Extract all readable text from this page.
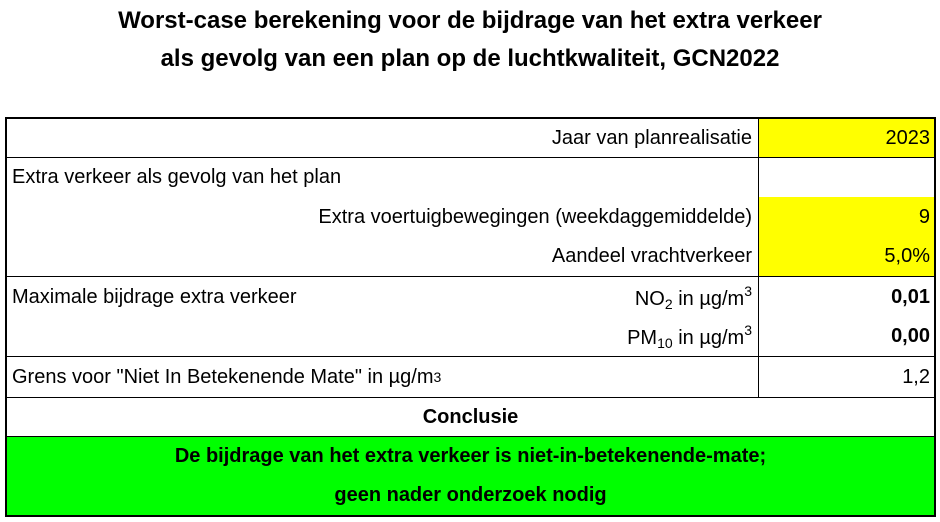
Worst-case berekening voor de bijdrage van het extra verkeer
als gevolg van een plan op de luchtkwaliteit, GCN2022
Jaar van planrealisatie	2023
Extra verkeer als gevolg van het plan
Extra voertuigbewegingen (weekdaggemiddelde)	9
Aandeel vrachtverkeer	5,0%
Maximale bijdrage extra verkeer	$NO_2$ in $\mu g/m^3$	0,01
$PM_{10}$ in $\mu g/m^3$	0,00
Grens voor "Niet In Betekenende Mate" in µg/m 3	1,2
Conclusie
De bijdrage van het extra verkeer is niet-in-betekenende-mate;
geen nader onderzoek nodig
